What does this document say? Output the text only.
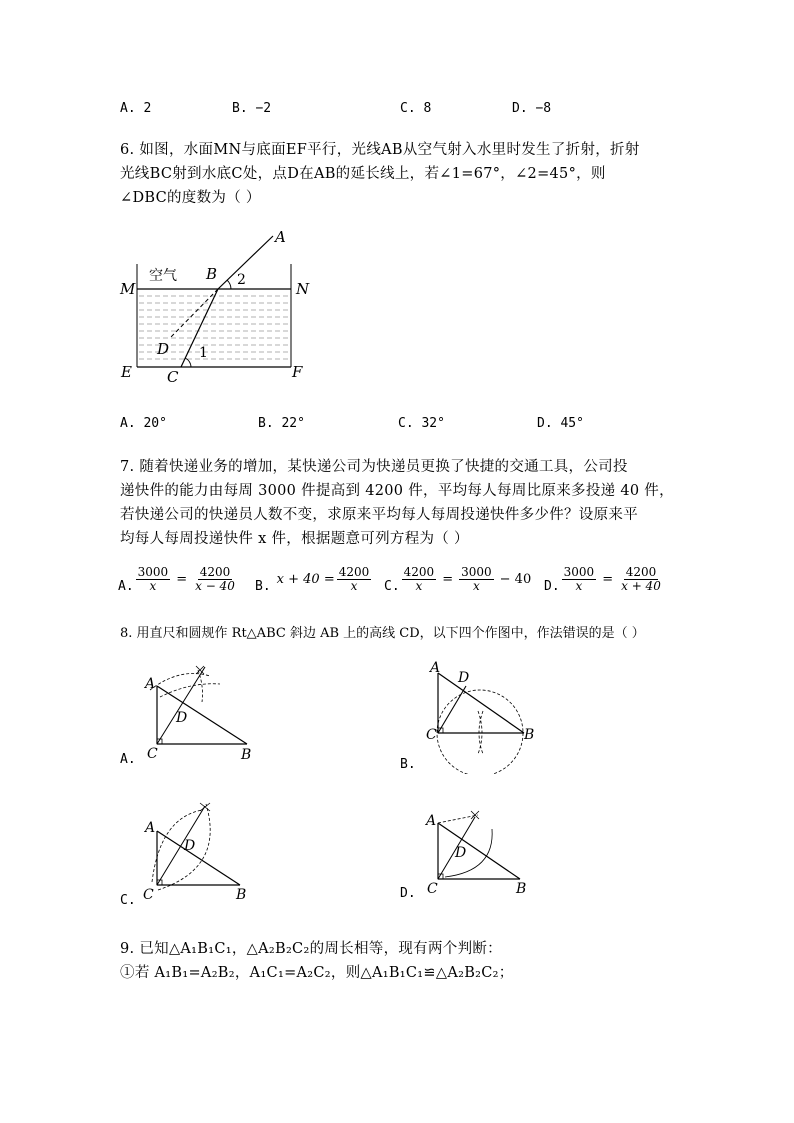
A. 2	B. −2	C. 8	D. −8
6. 如图，水面MN与底面EF平行，光线AB从空气射入水里时发生了折射，折射
光线BC射到水底C处，点D在AB的延长线上，若∠1=67°，∠2=45°，则
∠DBC的度数为（ ）
A
B 2
空气
M	N
D 1
E C	F
A. 20°	B. 22°	C. 32°	D. 45°
7. 随着快递业务的增加，某快递公司为快递员更换了快捷的交通工具，公司投
递快件的能力由每周 3000 件提高到 4200 件，平均每人每周比原来多投递 40 件，
若快递公司的快递员人数不变，求原来平均每人每周投递快件多少件？设原来平
均每人每周投递快件 x 件，根据题意可列方程为（ ）
A. $\frac{3000}{x} = \frac{4200}{x - 40} B$. $x + 40 = \frac{4200}{x} C$. $\frac{4200}{x} = \frac{3000}{x} - 40$ D. $\frac{3000}{x} = \frac{4200}{x + 40}$
8. 用直尺和圆规作 Rt△ABC 斜边 AB 上的高线 CD，以下四个作图中，作法错误的是（ ）
A
D
C	B
A.
A
D
C	B
B.
A
D
C	B
C.
A
D
C	B
D.
9. 已知△A₁B₁C₁，△A₂B₂C₂的周长相等，现有两个判断：
①若 A₁B₁=A₂B₂，A₁C₁=A₂C₂，则△A₁B₁C₁≌△A₂B₂C₂；
